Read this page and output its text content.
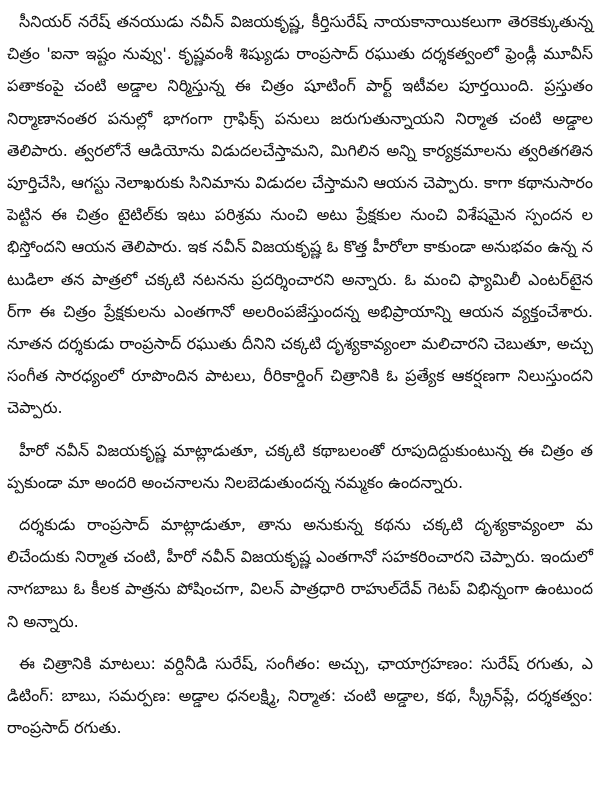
సీనియర్‌ నరేష్‌ తనయుడు నవీన్‌ విజయకృష్ణ, కీర్తిసురేష్‌ నాయకానాయికలుగా తెరకెక్కుతున్న చిత్రం 'ఐనా ఇష్టం నువ్వు'. కృష్ణవంశీ శిష్యుడు రాంప్రసాద్‌ రఘుతు దర్శకత్వంలో ఫ్రెండ్లీ మూవీస్‌ పతాకంపై చంటి అడ్డాల నిర్మిస్తున్న ఈ చిత్రం షూటింగ్‌ పార్ట్‌ ఇటీవల పూర్తయింది. ప్రస్తుతం నిర్మాణానంతర పనుల్లో భాగంగా గ్రాఫిక్స్‌ పనులు జరుగుతున్నాయని నిర్మాత చంటి అడ్డాల తెలిపారు. త్వరలోనే ఆడియోను విడుదలచేస్తామని, మిగిలిన అన్ని కార్యక్రమాలను త్వరితగతిన పూర్తిచేసి, ఆగస్టు నెలాఖరుకు సినిమాను విడుదల చేస్తామని ఆయన చెప్పారు. కాగా కథానుసారం పెట్టిన ఈ చిత్రం టైటిల్‌కు ఇటు పరిశ్రమ నుంచి అటు ప్రేక్షకుల నుంచి విశేషమైన స్పందన లభిస్తోందని ఆయన తెలిపారు. ఇక నవీన్‌ విజయకృష్ణ ఓ కొత్త హీరోలా కాకుండా అనుభవం ఉన్న నటుడిలా తన పాత్రలో చక్కటి నటనను ప్రదర్శించారని అన్నారు. ఓ మంచి ఫ్యామిలీ ఎంటర్‌టైనర్‌గా ఈ చిత్రం ప్రేక్షకులను ఎంతగానో అలరింపజేస్తుందన్న అభిప్రాయాన్ని ఆయన వ్యక్తంచేశారు. నూతన దర్శకుడు రాంప్రసాద్‌ రఘుతు దీనిని చక్కటి దృశ్యకావ్యంలా మలిచారని చెబుతూ, అచ్చు సంగీత సారధ్యంలో రూపొందిన పాటలు, రీరికార్డింగ్‌ చిత్రానికి ఓ ప్రత్యేక ఆకర్షణగా నిలుస్తుందని చెప్పారు.

హీరో నవీన్‌ విజయకృష్ణ మాట్లాడుతూ, చక్కటి కథాబలంతో రూపుదిద్దుకుంటున్న ఈ చిత్రం తప్పకుండా మా అందరి అంచనాలను నిలబెడుతుందన్న నమ్మకం ఉందన్నారు.

దర్శకుడు రాంప్రసాద్‌ మాట్లాడుతూ, తాను అనుకున్న కథను చక్కటి దృశ్యకావ్యంలా మలిచేందుకు నిర్మాత చంటి, హీరో నవీన్‌ విజయకృష్ణ ఎంతగానో సహకరించారని చెప్పారు. ఇందులో నాగబాబు ఓ కీలక పాత్రను పోషించగా, విలన్‌ పాత్రధారి రాహుల్‌దేవ్‌ గెటప్‌ విభిన్నంగా ఉంటుందని అన్నారు.

ఈ చిత్రానికి మాటలు: వర్దినీడి సురేష్‌, సంగీతం: అచ్చు, ఛాయాగ్రహణం: సురేష్‌ రగుతు, ఎడిటింగ్‌: బాబు, సమర్పణ: అడ్డాల ధనలక్ష్మి, నిర్మాత: చంటి అడ్డాల, కథ, స్క్రీన్‌ప్లే, దర్శకత్వం: రాంప్రసాద్‌ రగుతు.
